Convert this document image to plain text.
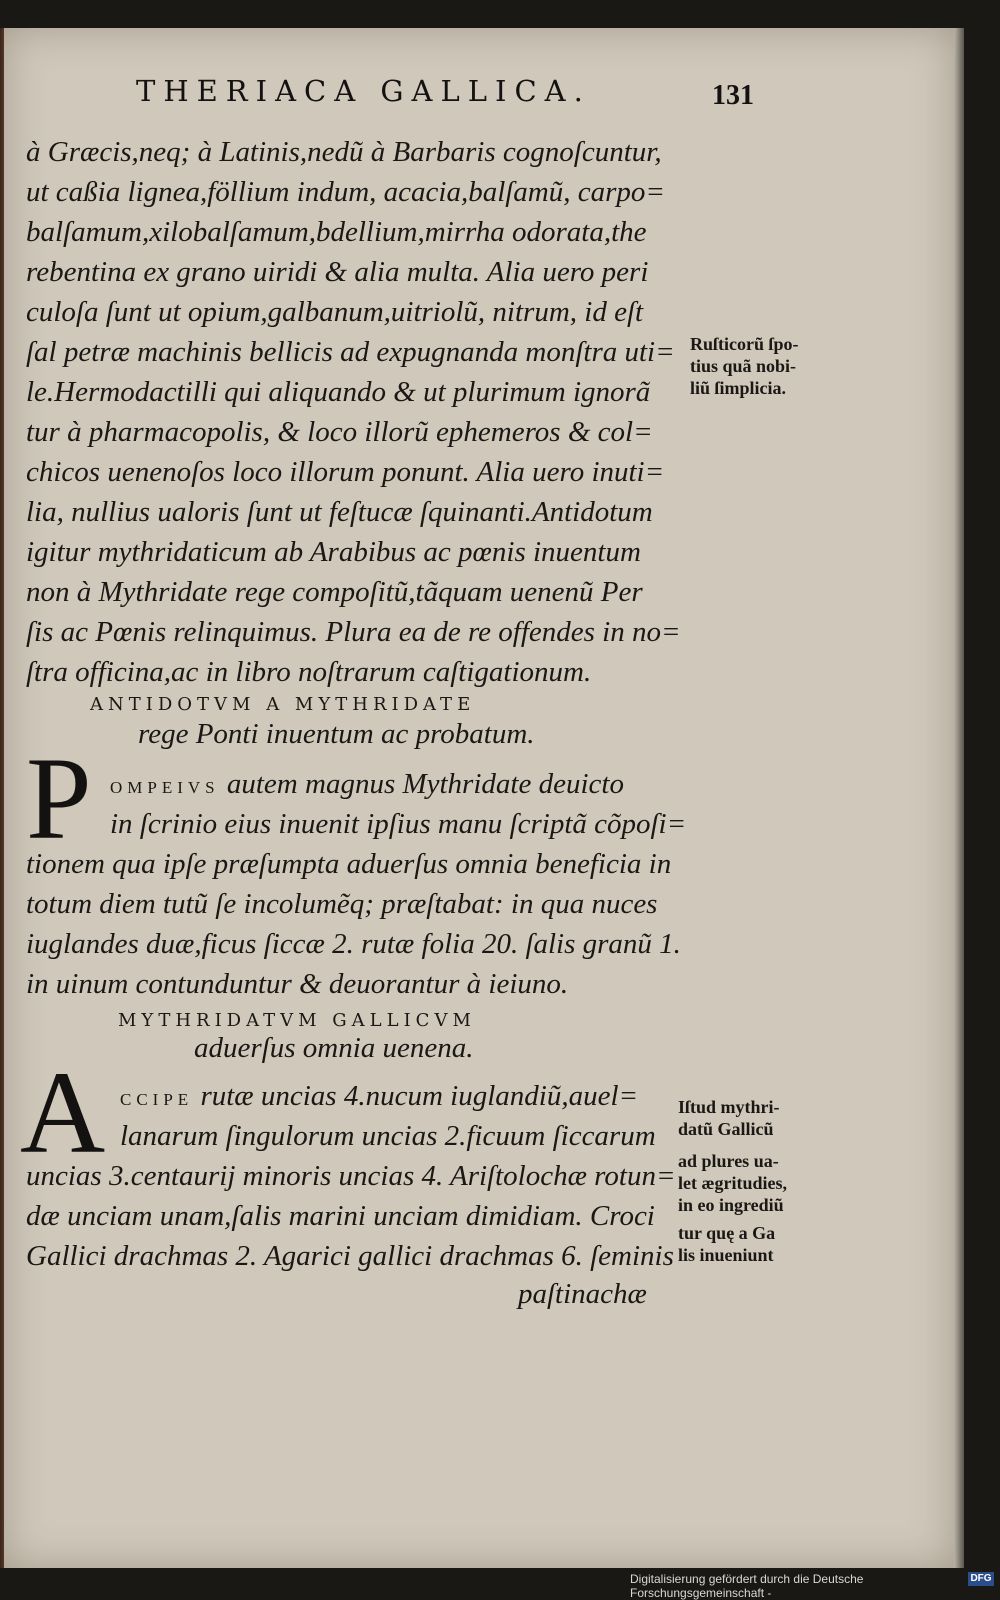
THERIACA GALLICA.	131
à Græcis,neq; à Latinis,nedũ à Barbaris cognoſcuntur,
ut caßia lignea,föllium indum, acacia,balſamũ, carpo=
balſamum,xilobalſamum,bdellium,mirrha odorata,the
rebentina ex grano uiridi & alia multa. Alia uero peri
culoſa ſunt ut opium,galbanum,uitriolũ, nitrum, id eſt
ſal petræ machinis bellicis ad expugnanda monſtra uti=
le.Hermodactilli qui aliquando & ut plurimum ignorã
tur à pharmacopolis, & loco illorũ ephemeros & col=
chicos uenenoſos loco illorum ponunt. Alia uero inuti=
lia, nullius ualoris ſunt ut feſtucæ ſquinanti.Antidotum
igitur mythridaticum ab Arabibus ac pœnis inuentum
non à Mythridate rege compoſitũ,tãquam uenenũ Per
ſis ac Pœnis relinquimus. Plura ea de re offendes in no=
ſtra officina,ac in libro noſtrarum caſtigationum.
Ruſticorũ ſpo-
tius quã nobi-
liũ ſimplicia.
ANTIDOTVM A MYTHRIDATE
rege Ponti inuentum ac probatum.
P OMPEIVS autem magnus Mythridate deuicto
in ſcrinio eius inuenit ipſius manu ſcriptã cõpoſi=
tionem qua ipſe præſumpta aduerſus omnia beneficia in
totum diem tutũ ſe incolumẽq; præſtabat: in qua nuces
iuglandes duæ,ficus ſiccæ 2. rutæ folia 20. ſalis granũ 1.
in uinum contunduntur & deuorantur à ieiuno.
MYTHRIDATVM GALLICVM
aduerſus omnia uenena.
A CCIPE rutæ uncias 4.nucum iuglandiũ,auel=
lanarum ſingulorum uncias 2.ficuum ſiccarum
uncias 3.centaurij minoris uncias 4. Ariſtolochæ rotun=
dæ unciam unam,ſalis marini unciam dimidiam. Croci
Gallici drachmas 2. Agarici gallici drachmas 6. ſeminis
paſtinachæ
Iſtud mythri-
datũ Gallicũ
ad plures ua-
let ægritudies,
in eo ingrediũ
tur quę a Ga
lis inueniunt
Digitalisierung gefördert durch die Deutsche Forschungsgemeinschaft -
DFG
